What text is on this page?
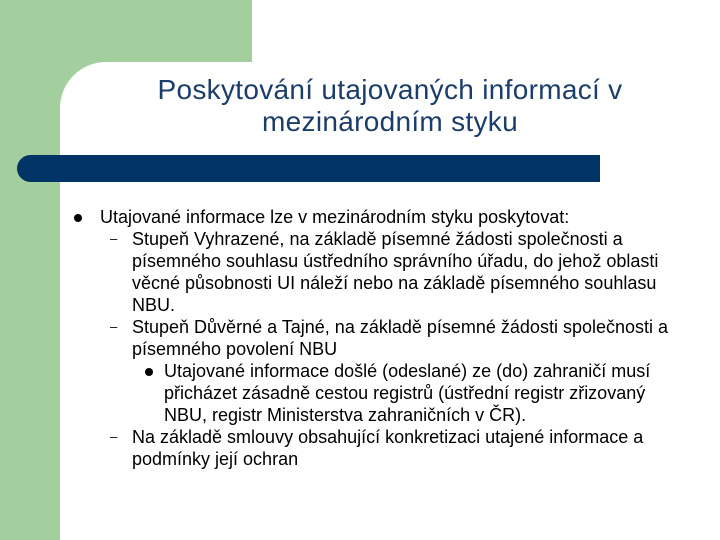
Poskytování utajovaných informací v
mezinárodním styku
Utajované informace lze v mezinárodním styku poskytovat:
– Stupeň Vyhrazené, na základě písemné žádosti společnosti a písemného souhlasu ústředního správního úřadu, do jehož oblasti věcné působnosti UI náleží nebo na základě písemného souhlasu NBU.
– Stupeň Důvěrné a Tajné, na základě písemné žádosti společnosti a písemného povolení NBU
Utajované informace došlé (odeslané) ze (do) zahraničí musí přicházet zásadně cestou registrů (ústřední registr zřizovaný NBU, registr Ministerstva zahraničních v ČR).
– Na základě smlouvy obsahující konkretizaci utajené informace a podmínky její ochran
